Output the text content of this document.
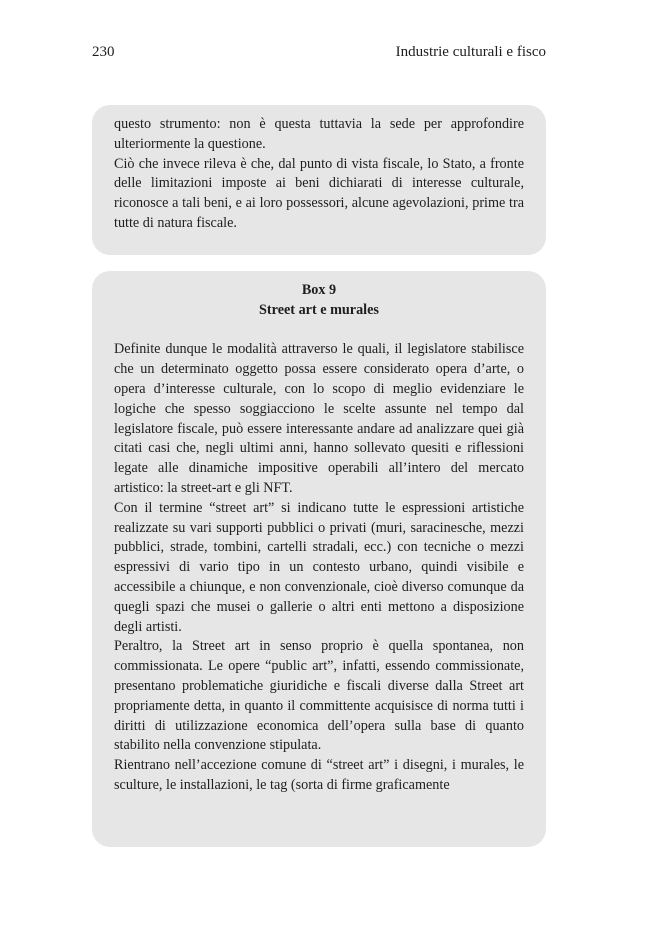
230	Industrie culturali e fisco

questo strumento: non è questa tuttavia la sede per approfondire ulteriormente la questione.

Ciò che invece rileva è che, dal punto di vista fiscale, lo Stato, a fronte delle limitazioni imposte ai beni dichiarati di interesse culturale, riconosce a tali beni, e ai loro possessori, alcune agevolazioni, prime tra tutte di natura fiscale.

Box 9
Street art e murales

Definite dunque le modalità attraverso le quali, il legislatore stabilisce che un determinato oggetto possa essere considerato opera d’arte, o opera d’interesse culturale, con lo scopo di meglio evidenziare le logiche che spesso soggiacciono le scelte assunte nel tempo dal legislatore fiscale, può essere interessante andare ad analizzare quei già citati casi che, negli ultimi anni, hanno sollevato quesiti e riflessioni legate alle dinamiche impositive operabili all’intero del mercato artistico: la street-art e gli NFT.

Con il termine “street art” si indicano tutte le espressioni artistiche realizzate su vari supporti pubblici o privati (muri, saracinesche, mezzi pubblici, strade, tombini, cartelli stradali, ecc.) con tecniche o mezzi espressivi di vario tipo in un contesto urbano, quindi visibile e accessibile a chiunque, e non convenzionale, cioè diverso comunque da quegli spazi che musei o gallerie o altri enti mettono a disposizione degli artisti.

Peraltro, la Street art in senso proprio è quella spontanea, non commissionata. Le opere “public art”, infatti, essendo commissionate, presentano problematiche giuridiche e fiscali diverse dalla Street art propriamente detta, in quanto il committente acquisisce di norma tutti i diritti di utilizzazione economica dell’opera sulla base di quanto stabilito nella convenzione stipulata.

Rientrano nell’accezione comune di “street art” i disegni, i murales, le sculture, le installazioni, le tag (sorta di firme graficamente
